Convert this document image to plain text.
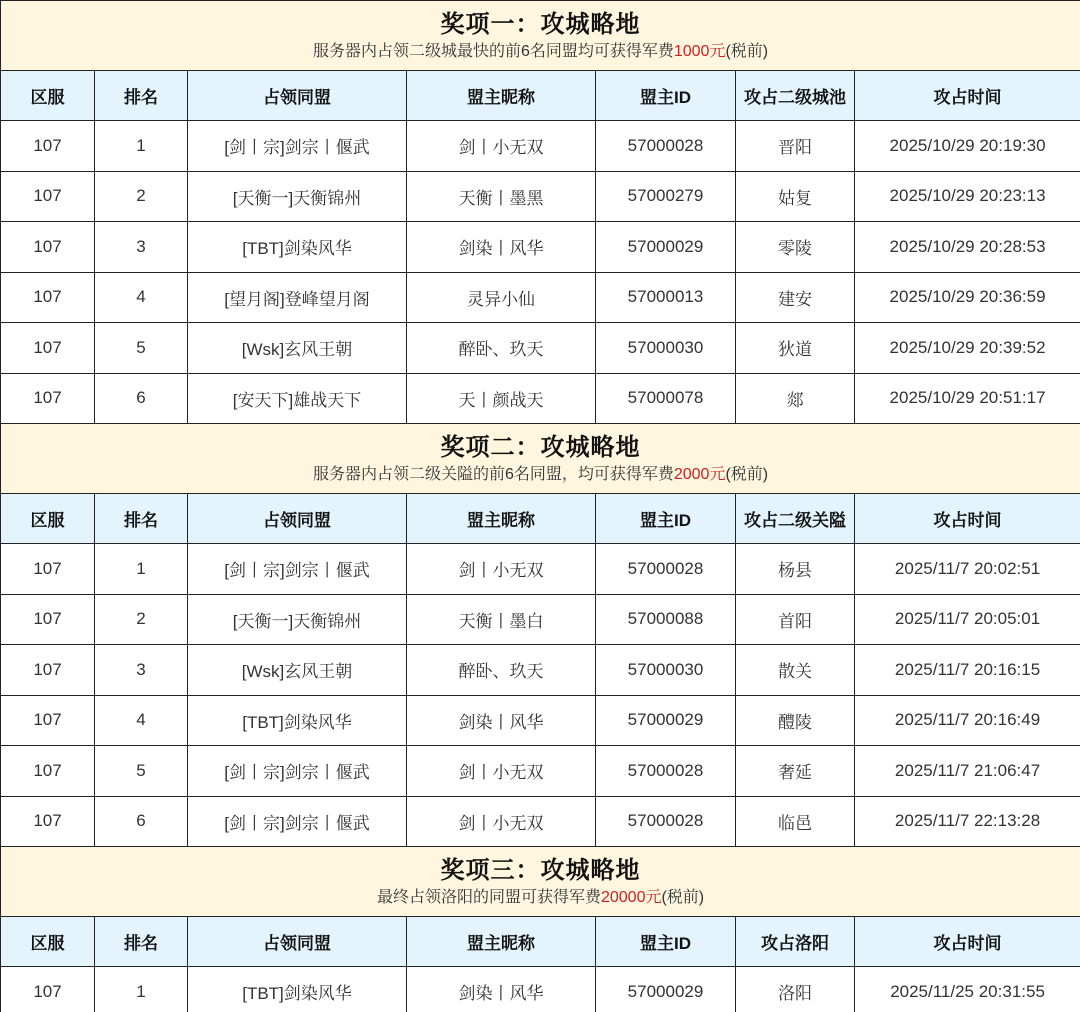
奖项一：攻城略地
服务器内占领二级城最快的前6名同盟均可获得军费1000元(税前)						

区服	排名	占领同盟	盟主昵称	盟主ID	攻占二级城池	攻占时间
107	1	[剑丨宗]剑宗丨偃武	剑丨小无双	57000028	晋阳	2025/10/29 20:19:30
107	2	[天衡一]天衡锦州	天衡丨墨黑	57000279	姑复	2025/10/29 20:23:13
107	3	[TBT]剑染风华	剑染丨风华	57000029	零陵	2025/10/29 20:28:53
107	4	[望月阁]登峰望月阁	灵异小仙	57000013	建安	2025/10/29 20:36:59
107	5	[Wsk]玄风王朝	醉卧、玖天	57000030	狄道	2025/10/29 20:39:52
107	6	[安天下]雄战天下	天丨颜战天	57000078	郯	2025/10/29 20:51:17

奖项二：攻城略地
服务器内占领二级关隘的前6名同盟，均可获得军费2000元(税前)						

区服	排名	占领同盟	盟主昵称	盟主ID	攻占二级关隘	攻占时间
107	1	[剑丨宗]剑宗丨偃武	剑丨小无双	57000028	杨县	2025/11/7 20:02:51
107	2	[天衡一]天衡锦州	天衡丨墨白	57000088	首阳	2025/11/7 20:05:01
107	3	[Wsk]玄风王朝	醉卧、玖天	57000030	散关	2025/11/7 20:16:15
107	4	[TBT]剑染风华	剑染丨风华	57000029	醴陵	2025/11/7 20:16:49
107	5	[剑丨宗]剑宗丨偃武	剑丨小无双	57000028	奢延	2025/11/7 21:06:47
107	6	[剑丨宗]剑宗丨偃武	剑丨小无双	57000028	临邑	2025/11/7 22:13:28

奖项三：攻城略地
最终占领洛阳的同盟可获得军费20000元(税前)						

区服	排名	占领同盟	盟主昵称	盟主ID	攻占洛阳	攻占时间
107	1	[TBT]剑染风华	剑染丨风华	57000029	洛阳	2025/11/25 20:31:55
